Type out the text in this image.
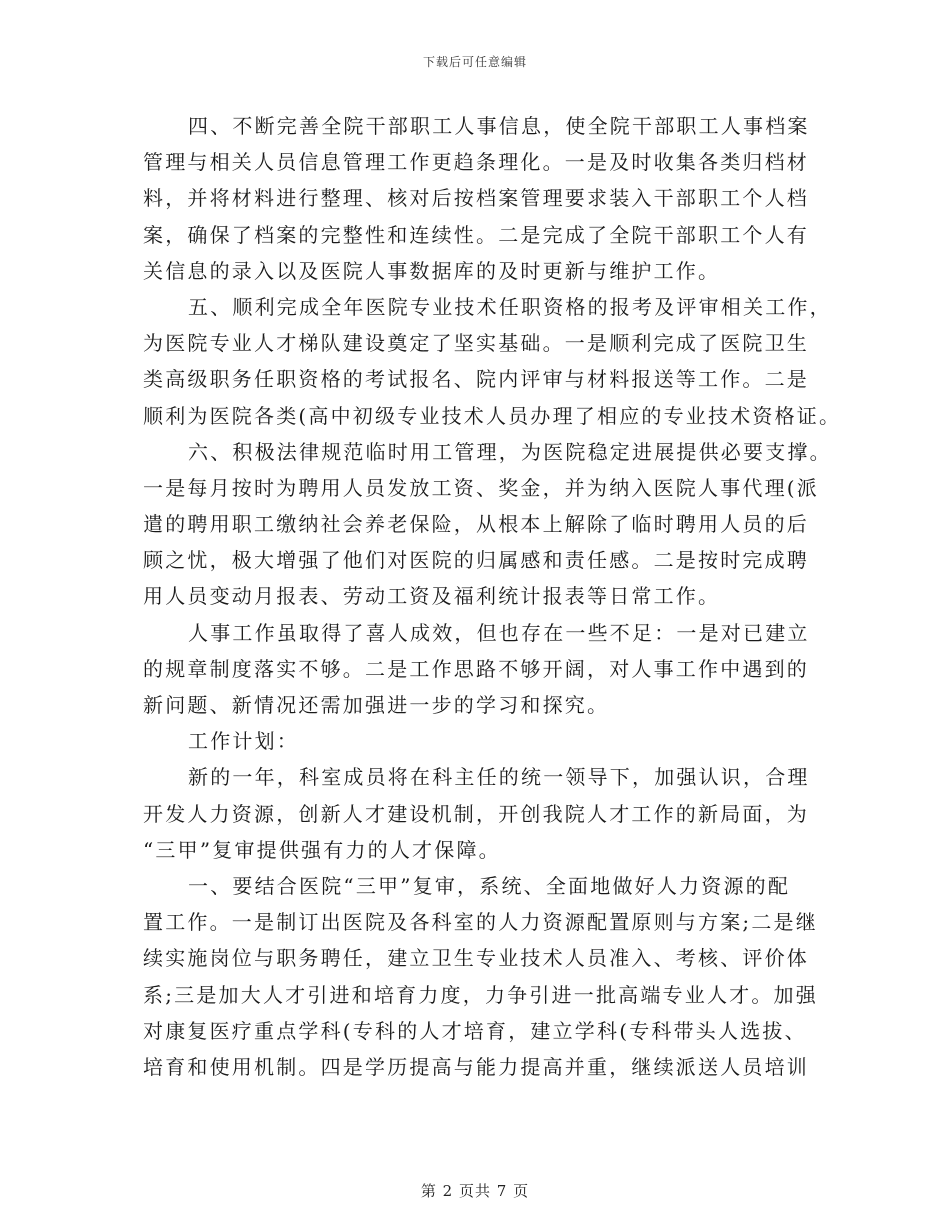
下载后可任意编辑
四、不断完善全院干部职工人事信息，使全院干部职工人事档案
管理与相关人员信息管理工作更趋条理化。一是及时收集各类归档材
料，并将材料进行整理、核对后按档案管理要求装入干部职工个人档
案，确保了档案的完整性和连续性。二是完成了全院干部职工个人有
关信息的录入以及医院人事数据库的及时更新与维护工作。
五、顺利完成全年医院专业技术任职资格的报考及评审相关工作，
为医院专业人才梯队建设奠定了坚实基础。一是顺利完成了医院卫生
类高级职务任职资格的考试报名、院内评审与材料报送等工作。二是
顺利为医院各类(高中初级专业技术人员办理了相应的专业技术资格证。
六、积极法律规范临时用工管理，为医院稳定进展提供必要支撑。
一是每月按时为聘用人员发放工资、奖金，并为纳入医院人事代理(派
遣的聘用职工缴纳社会养老保险，从根本上解除了临时聘用人员的后
顾之忧，极大增强了他们对医院的归属感和责任感。二是按时完成聘
用人员变动月报表、劳动工资及福利统计报表等日常工作。
人事工作虽取得了喜人成效，但也存在一些不足：一是对已建立
的规章制度落实不够。二是工作思路不够开阔，对人事工作中遇到的
新问题、新情况还需加强进一步的学习和探究。
工作计划：
新的一年，科室成员将在科主任的统一领导下，加强认识，合理
开发人力资源，创新人才建设机制，开创我院人才工作的新局面，为
“三甲”复审提供强有力的人才保障。
一、要结合医院“三甲”复审，系统、全面地做好人力资源的配
置工作。一是制订出医院及各科室的人力资源配置原则与方案;二是继
续实施岗位与职务聘任，建立卫生专业技术人员准入、考核、评价体
系;三是加大人才引进和培育力度，力争引进一批高端专业人才。加强
对康复医疗重点学科(专科的人才培育，建立学科(专科带头人选拔、
培育和使用机制。四是学历提高与能力提高并重，继续派送人员培训
第 2 页共 7 页
